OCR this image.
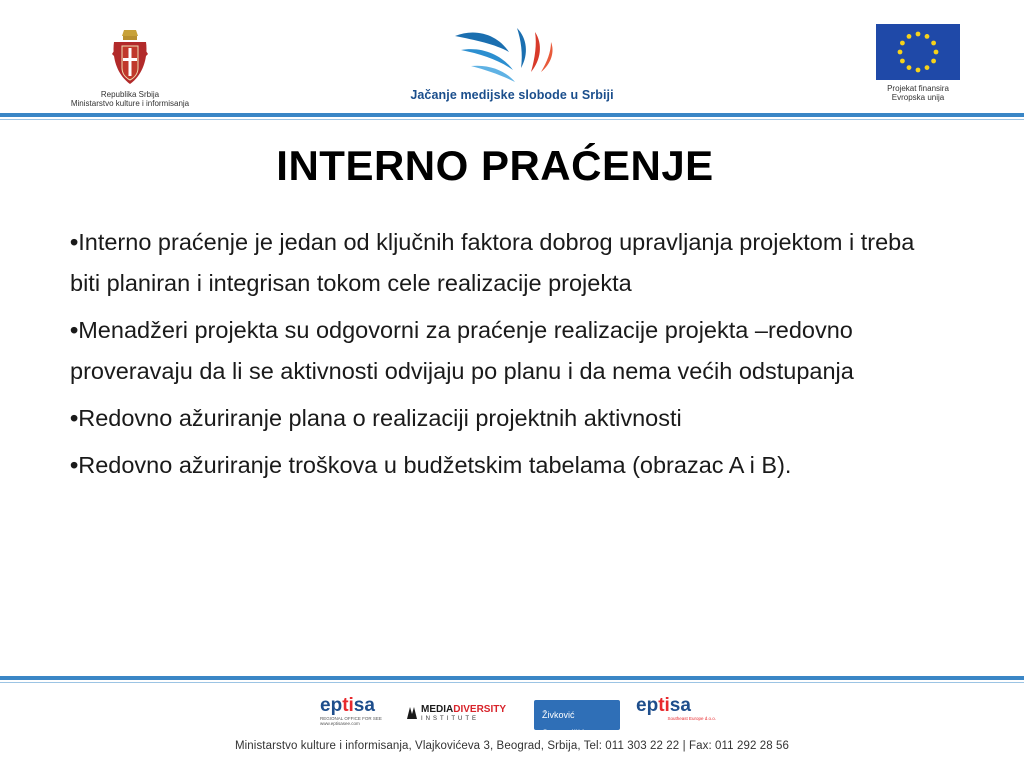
Republika Srbija
Ministarstvo kulture i informisanja
Jačanje medijske slobode u Srbiji	Projekat finansira
Evropska unija
INTERNO PRAĆENJE

•Interno praćenje je jedan od ključnih faktora dobrog upravljanja projektom i treba biti planiran i integrisan tokom cele realizacije projekta

•Menadžeri projekta su odgovorni za praćenje realizacije projekta –redovno proveravaju da li se aktivnosti odvijaju po planu i da nema većih odstupanja

•Redovno ažuriranje plana o realizaciji projektnih aktivnosti

•Redovno ažuriranje troškova u budžetskim tabelama (obrazac A i B).

eptisa
REGIONAL OFFICE FOR SEE www.eptisasee.com
MEDIADIVERSITY
INSTITUTE	Živković Samardžić
eptisa
Southeast Europe d.o.o.
Ministarstvo kulture i informisanja, Vlajkovićeva 3, Beograd, Srbija, Tel: 011 303 22 22 | Fax: 011 292 28 56
